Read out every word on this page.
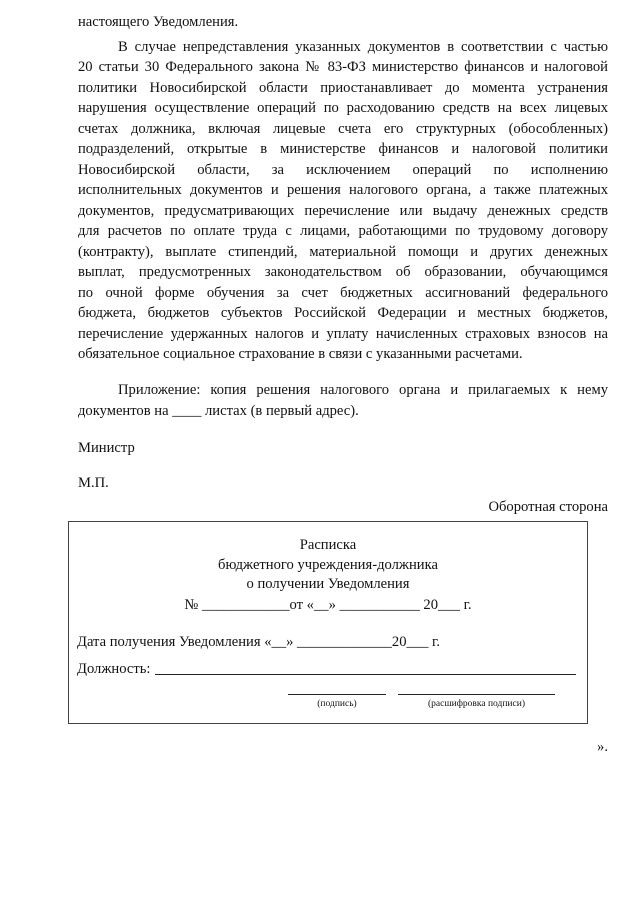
настоящего Уведомления.
В случае непредставления указанных документов в соответствии с частью
20 статьи 30 Федерального закона № 83-ФЗ министерство финансов и налоговой
политики Новосибирской области приостанавливает до момента устранения
нарушения осуществление операций по расходованию средств на всех лицевых
счетах должника, включая лицевые счета его структурных (обособленных)
подразделений, открытые в министерстве финансов и налоговой политики
Новосибирской области, за исключением операций по исполнению
исполнительных документов и решения налогового органа, а также платежных
документов, предусматривающих перечисление или выдачу денежных средств
для расчетов по оплате труда с лицами, работающими по трудовому договору
(контракту), выплате стипендий, материальной помощи и других денежных
выплат, предусмотренных законодательством об образовании, обучающимся
по очной форме обучения за счет бюджетных ассигнований федерального
бюджета, бюджетов субъектов Российской Федерации и местных бюджетов,
перечисление удержанных налогов и уплату начисленных страховых взносов на
обязательное социальное страхование в связи с указанными расчетами.
Приложение: копия решения налогового органа и прилагаемых к нему
документов на ____ листах (в первый адрес).
Министр
М.П.
Оборотная сторона
Расписка
бюджетного учреждения-должника
о получении Уведомления
№ ____________от «__» ___________ 20___ г.
Дата получения Уведомления «__» _____________20___ г.
Должность:
(подпись)	(расшифровка подписи)
».
